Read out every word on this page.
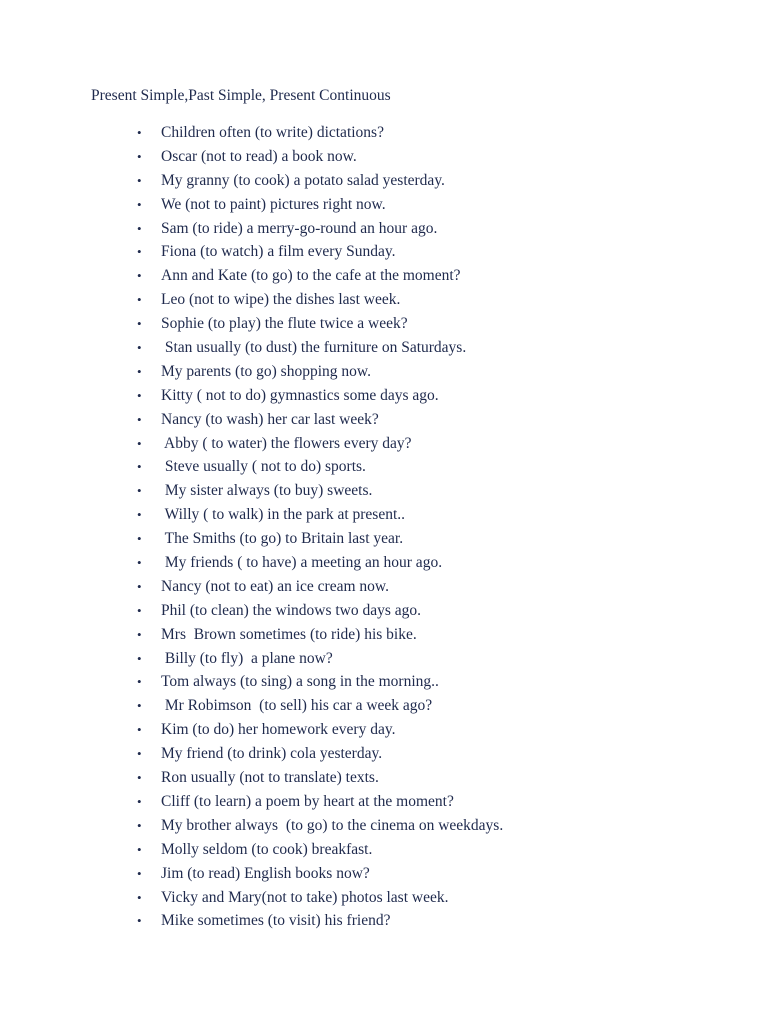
Present Simple,Past Simple, Present Continuous
• Children often (to write) dictations?
• Oscar (not to read) a book now.
• My granny (to cook) a potato salad yesterday.
• We (not to paint) pictures right now.
• Sam (to ride) a merry-go-round an hour ago.
• Fiona (to watch) a film every Sunday.
• Ann and Kate (to go) to the cafe at the moment?
• Leo (not to wipe) the dishes last week.
• Sophie (to play) the flute twice a week?
• Stan usually (to dust) the furniture on Saturdays.
• My parents (to go) shopping now.
• Kitty ( not to do) gymnastics some days ago.
• Nancy (to wash) her car last week?
• Abby ( to water) the flowers every day?
• Steve usually ( not to do) sports.
• My sister always (to buy) sweets.
• Willy ( to walk) in the park at present..
• The Smiths (to go) to Britain last year.
• My friends ( to have) a meeting an hour ago.
• Nancy (not to eat) an ice cream now.
• Phil (to clean) the windows two days ago.
• Mrs  Brown sometimes (to ride) his bike.
• Billy (to fly)  a plane now?
• Tom always (to sing) a song in the morning..
• Mr Robimson  (to sell) his car a week ago?
• Kim (to do) her homework every day.
• My friend (to drink) cola yesterday.
• Ron usually (not to translate) texts.
• Cliff (to learn) a poem by heart at the moment?
• My brother always  (to go) to the cinema on weekdays.
• Molly seldom (to cook) breakfast.
• Jim (to read) English books now?
• Vicky and Mary(not to take) photos last week.
• Mike sometimes (to visit) his friend?
